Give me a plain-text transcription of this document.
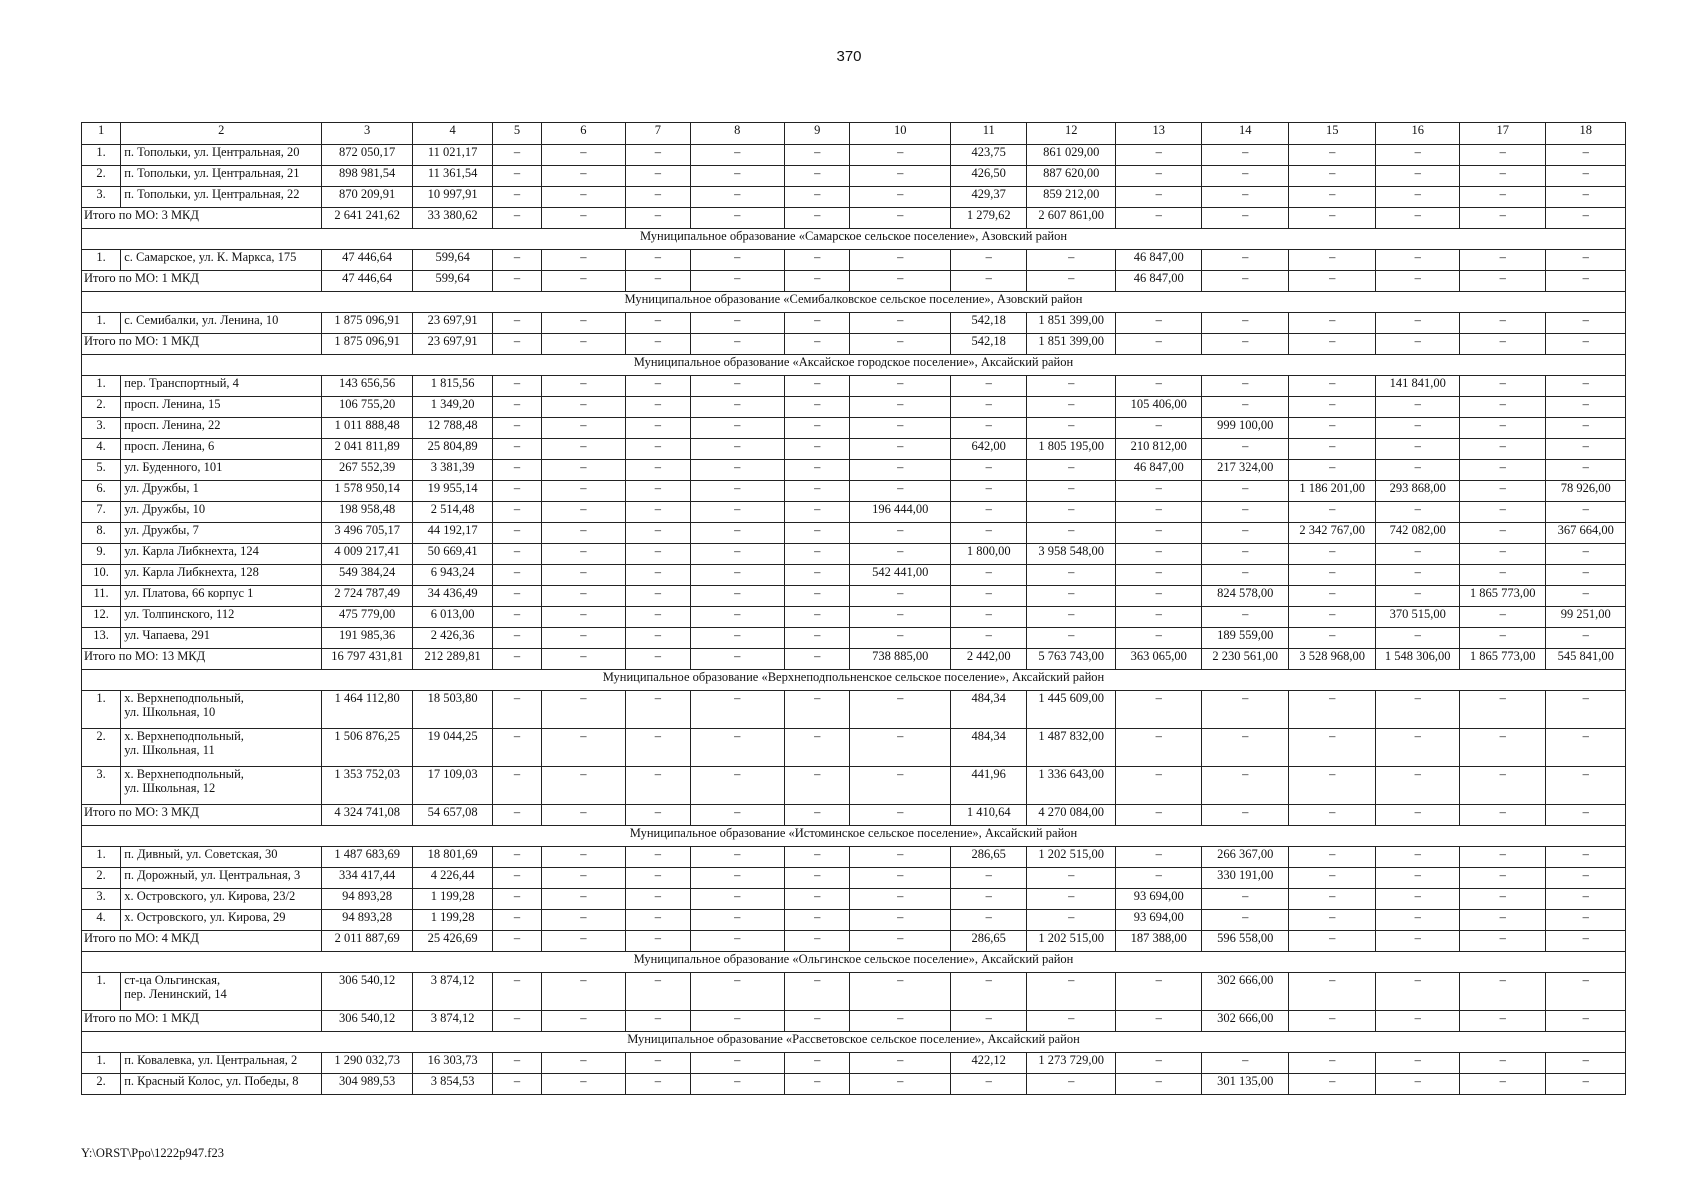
370
1	2	3	4	5	6	7	8	9	10	11	12	13	14	15	16	17	18
1.	п. Топольки, ул. Центральная, 20	872 050,17	11 021,17	–	–	–	–	–	–	423,75	861 029,00	–	–	–	–	–	–
2.	п. Топольки, ул. Центральная, 21	898 981,54	11 361,54	–	–	–	–	–	–	426,50	887 620,00	–	–	–	–	–	–
3.	п. Топольки, ул. Центральная, 22	870 209,91	10 997,91	–	–	–	–	–	–	429,37	859 212,00	–	–	–	–	–	–
Итого по МО: 3 МКД		2 641 241,62	33 380,62	–	–	–	–	–	–	1 279,62	2 607 861,00	–	–	–	–	–	–
Муниципальное образование «Самарское сельское поселение», Азовский район																	
1.	с. Самарское, ул. К. Маркса, 175	47 446,64	599,64	–	–	–	–	–	–	–	–	46 847,00	–	–	–	–	–
Итого по МО: 1 МКД		47 446,64	599,64	–	–	–	–	–	–	–	–	46 847,00	–	–	–	–	–
Муниципальное образование «Семибалковское сельское поселение», Азовский район																	
1.	с. Семибалки, ул. Ленина, 10	1 875 096,91	23 697,91	–	–	–	–	–	–	542,18	1 851 399,00	–	–	–	–	–	–
Итого по МО: 1 МКД		1 875 096,91	23 697,91	–	–	–	–	–	–	542,18	1 851 399,00	–	–	–	–	–	–
Муниципальное образование «Аксайское городское поселение», Аксайский район																	
1.	пер. Транспортный, 4	143 656,56	1 815,56	–	–	–	–	–	–	–	–	–	–	–	141 841,00	–	–
2.	просп. Ленина, 15	106 755,20	1 349,20	–	–	–	–	–	–	–	–	105 406,00	–	–	–	–	–
3.	просп. Ленина, 22	1 011 888,48	12 788,48	–	–	–	–	–	–	–	–	–	999 100,00	–	–	–	–
4.	просп. Ленина, 6	2 041 811,89	25 804,89	–	–	–	–	–	–	642,00	1 805 195,00	210 812,00	–	–	–	–	–
5.	ул. Буденного, 101	267 552,39	3 381,39	–	–	–	–	–	–	–	–	46 847,00	217 324,00	–	–	–	–
6.	ул. Дружбы, 1	1 578 950,14	19 955,14	–	–	–	–	–	–	–	–	–	–	1 186 201,00	293 868,00	–	78 926,00
7.	ул. Дружбы, 10	198 958,48	2 514,48	–	–	–	–	–	196 444,00	–	–	–	–	–	–	–	–
8.	ул. Дружбы, 7	3 496 705,17	44 192,17	–	–	–	–	–	–	–	–	–	–	2 342 767,00	742 082,00	–	367 664,00
9.	ул. Карла Либкнехта, 124	4 009 217,41	50 669,41	–	–	–	–	–	–	1 800,00	3 958 548,00	–	–	–	–	–	–
10.	ул. Карла Либкнехта, 128	549 384,24	6 943,24	–	–	–	–	–	542 441,00	–	–	–	–	–	–	–	–
11.	ул. Платова, 66 корпус 1	2 724 787,49	34 436,49	–	–	–	–	–	–	–	–	–	824 578,00	–	–	1 865 773,00	–
12.	ул. Толпинского, 112	475 779,00	6 013,00	–	–	–	–	–	–	–	–	–	–	–	370 515,00	–	99 251,00
13.	ул. Чапаева, 291	191 985,36	2 426,36	–	–	–	–	–	–	–	–	–	189 559,00	–	–	–	–
Итого по МО: 13 МКД		16 797 431,81	212 289,81	–	–	–	–	–	738 885,00	2 442,00	5 763 743,00	363 065,00	2 230 561,00	3 528 968,00	1 548 306,00	1 865 773,00	545 841,00
Муниципальное образование «Верхнеподпольненское сельское поселение», Аксайский район																	
1.	х. Верхнеподпольный,
ул. Школьная, 10	1 464 112,80	18 503,80	–	–	–	–	–	–	484,34	1 445 609,00	–	–	–	–	–	–
2.	х. Верхнеподпольный,
ул. Школьная, 11	1 506 876,25	19 044,25	–	–	–	–	–	–	484,34	1 487 832,00	–	–	–	–	–	–
3.	х. Верхнеподпольный,
ул. Школьная, 12	1 353 752,03	17 109,03	–	–	–	–	–	–	441,96	1 336 643,00	–	–	–	–	–	–
Итого по МО: 3 МКД		4 324 741,08	54 657,08	–	–	–	–	–	–	1 410,64	4 270 084,00	–	–	–	–	–	–
Муниципальное образование «Истоминское сельское поселение», Аксайский район																	
1.	п. Дивный, ул. Советская, 30	1 487 683,69	18 801,69	–	–	–	–	–	–	286,65	1 202 515,00	–	266 367,00	–	–	–	–
2.	п. Дорожный, ул. Центральная, 3	334 417,44	4 226,44	–	–	–	–	–	–	–	–	–	330 191,00	–	–	–	–
3.	х. Островского, ул. Кирова, 23/2	94 893,28	1 199,28	–	–	–	–	–	–	–	–	93 694,00	–	–	–	–	–
4.	х. Островского, ул. Кирова, 29	94 893,28	1 199,28	–	–	–	–	–	–	–	–	93 694,00	–	–	–	–	–
Итого по МО: 4 МКД		2 011 887,69	25 426,69	–	–	–	–	–	–	286,65	1 202 515,00	187 388,00	596 558,00	–	–	–	–
Муниципальное образование «Ольгинское сельское поселение», Аксайский район																	
1.	ст-ца Ольгинская,
пер. Ленинский, 14	306 540,12	3 874,12	–	–	–	–	–	–	–	–	–	302 666,00	–	–	–	–
Итого по МО: 1 МКД		306 540,12	3 874,12	–	–	–	–	–	–	–	–	–	302 666,00	–	–	–	–
Муниципальное образование «Рассветовское сельское поселение», Аксайский район																	
1.	п. Ковалевка, ул. Центральная, 2	1 290 032,73	16 303,73	–	–	–	–	–	–	422,12	1 273 729,00	–	–	–	–	–	–
2.	п. Красный Колос, ул. Победы, 8	304 989,53	3 854,53	–	–	–	–	–	–	–	–	–	301 135,00	–	–	–	–
Y:\ORST\Ppo\1222p947.f23
